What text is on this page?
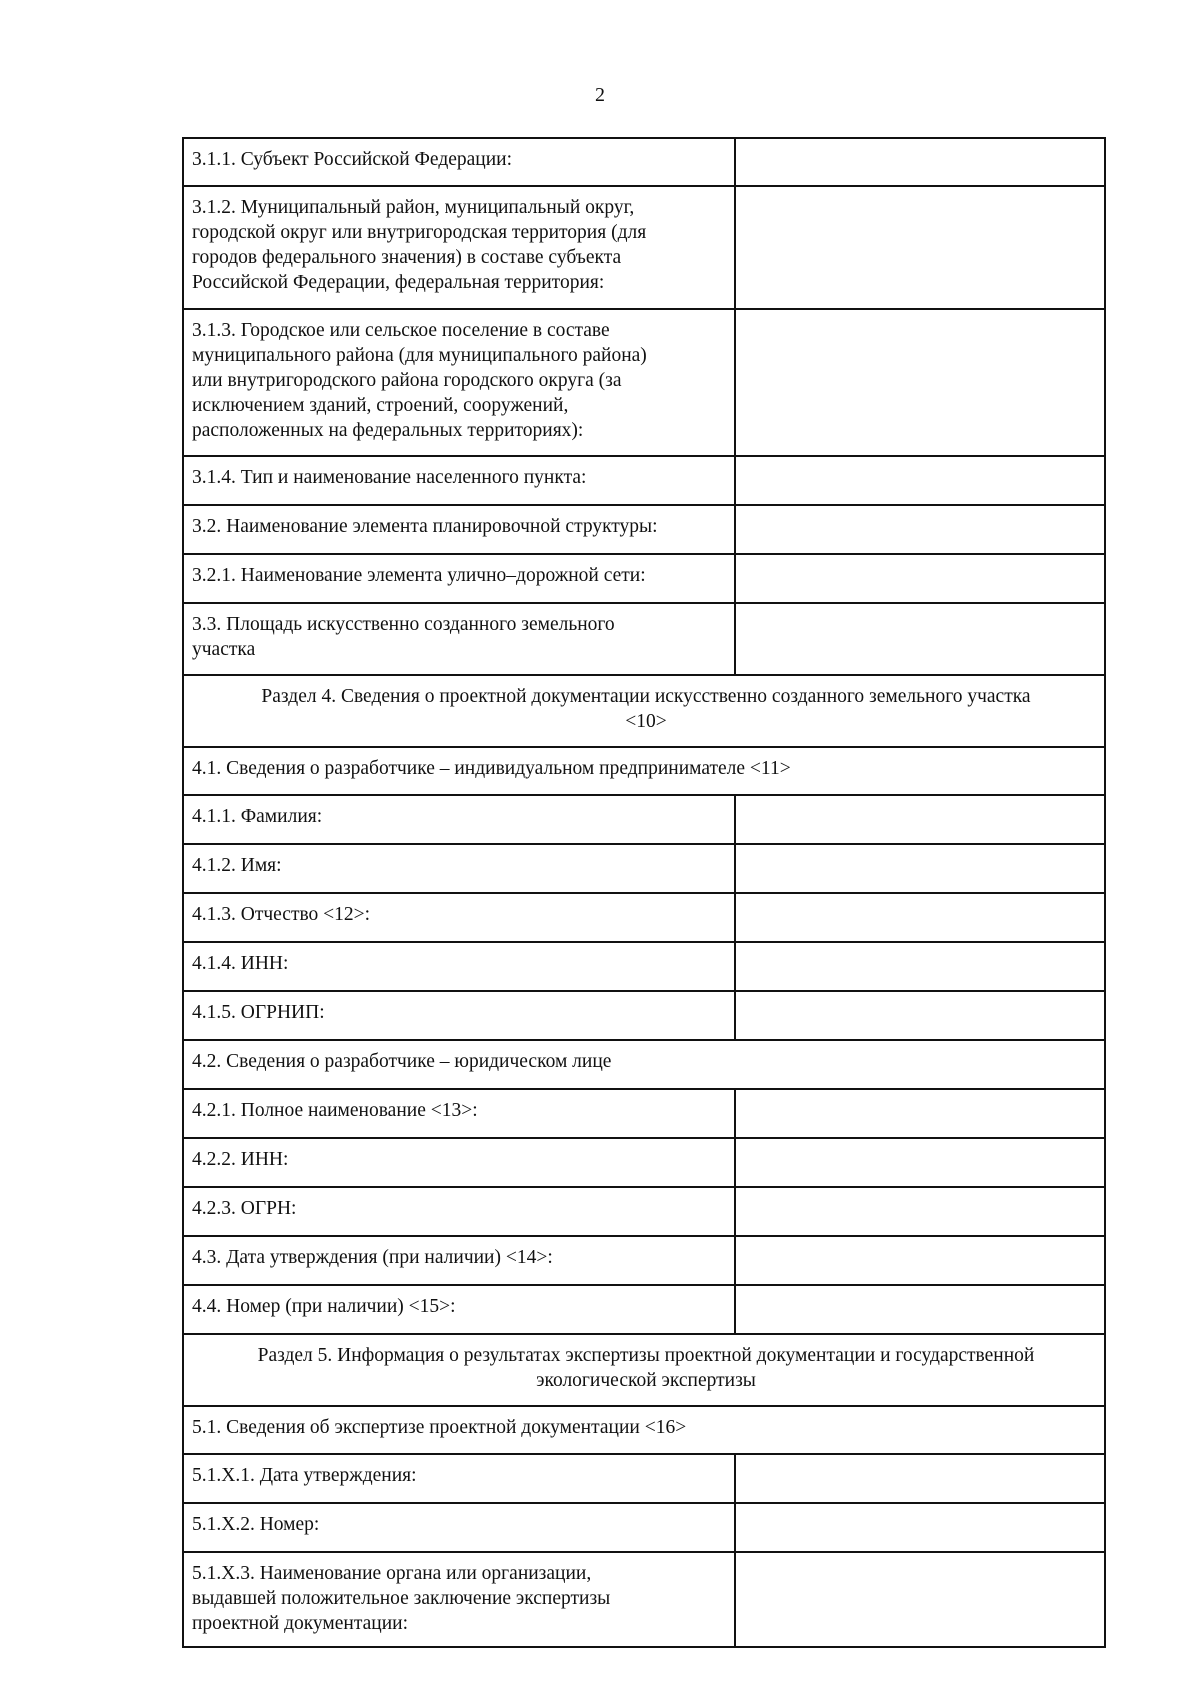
2
3.1.1. Субъект Российской Федерации:	

3.1.2. Муниципальный район, муниципальный округ,
городской округ или внутригородская территория (для
городов федерального значения) в составе субъекта
Российской Федерации, федеральная территория:	

3.1.3. Городское или сельское поселение в составе
муниципального района (для муниципального района)
или внутригородского района городского округа (за
исключением зданий, строений, сооружений,
расположенных на федеральных территориях):	

3.1.4. Тип и наименование населенного пункта:	

3.2. Наименование элемента планировочной структуры:	

3.2.1. Наименование элемента улично–дорожной сети:	

3.3. Площадь искусственно созданного земельного
участка	

Раздел 4. Сведения о проектной документации искусственно созданного земельного участка
<10>	

4.1. Сведения о разработчике – индивидуальном предпринимателе <11>	

4.1.1. Фамилия:	

4.1.2. Имя:	

4.1.3. Отчество <12>:	

4.1.4. ИНН:	

4.1.5. ОГРНИП:	

4.2. Сведения о разработчике – юридическом лице	

4.2.1. Полное наименование <13>:	

4.2.2. ИНН:	

4.2.3. ОГРН:	

4.3. Дата утверждения (при наличии) <14>:	

4.4. Номер (при наличии) <15>:	

Раздел 5. Информация о результатах экспертизы проектной документации и государственной
экологической экспертизы	

5.1. Сведения об экспертизе проектной документации <16>	

5.1.Х.1. Дата утверждения:	

5.1.Х.2. Номер:	

5.1.Х.3. Наименование органа или организации,
выдавшей положительное заключение экспертизы
проектной документации:	
